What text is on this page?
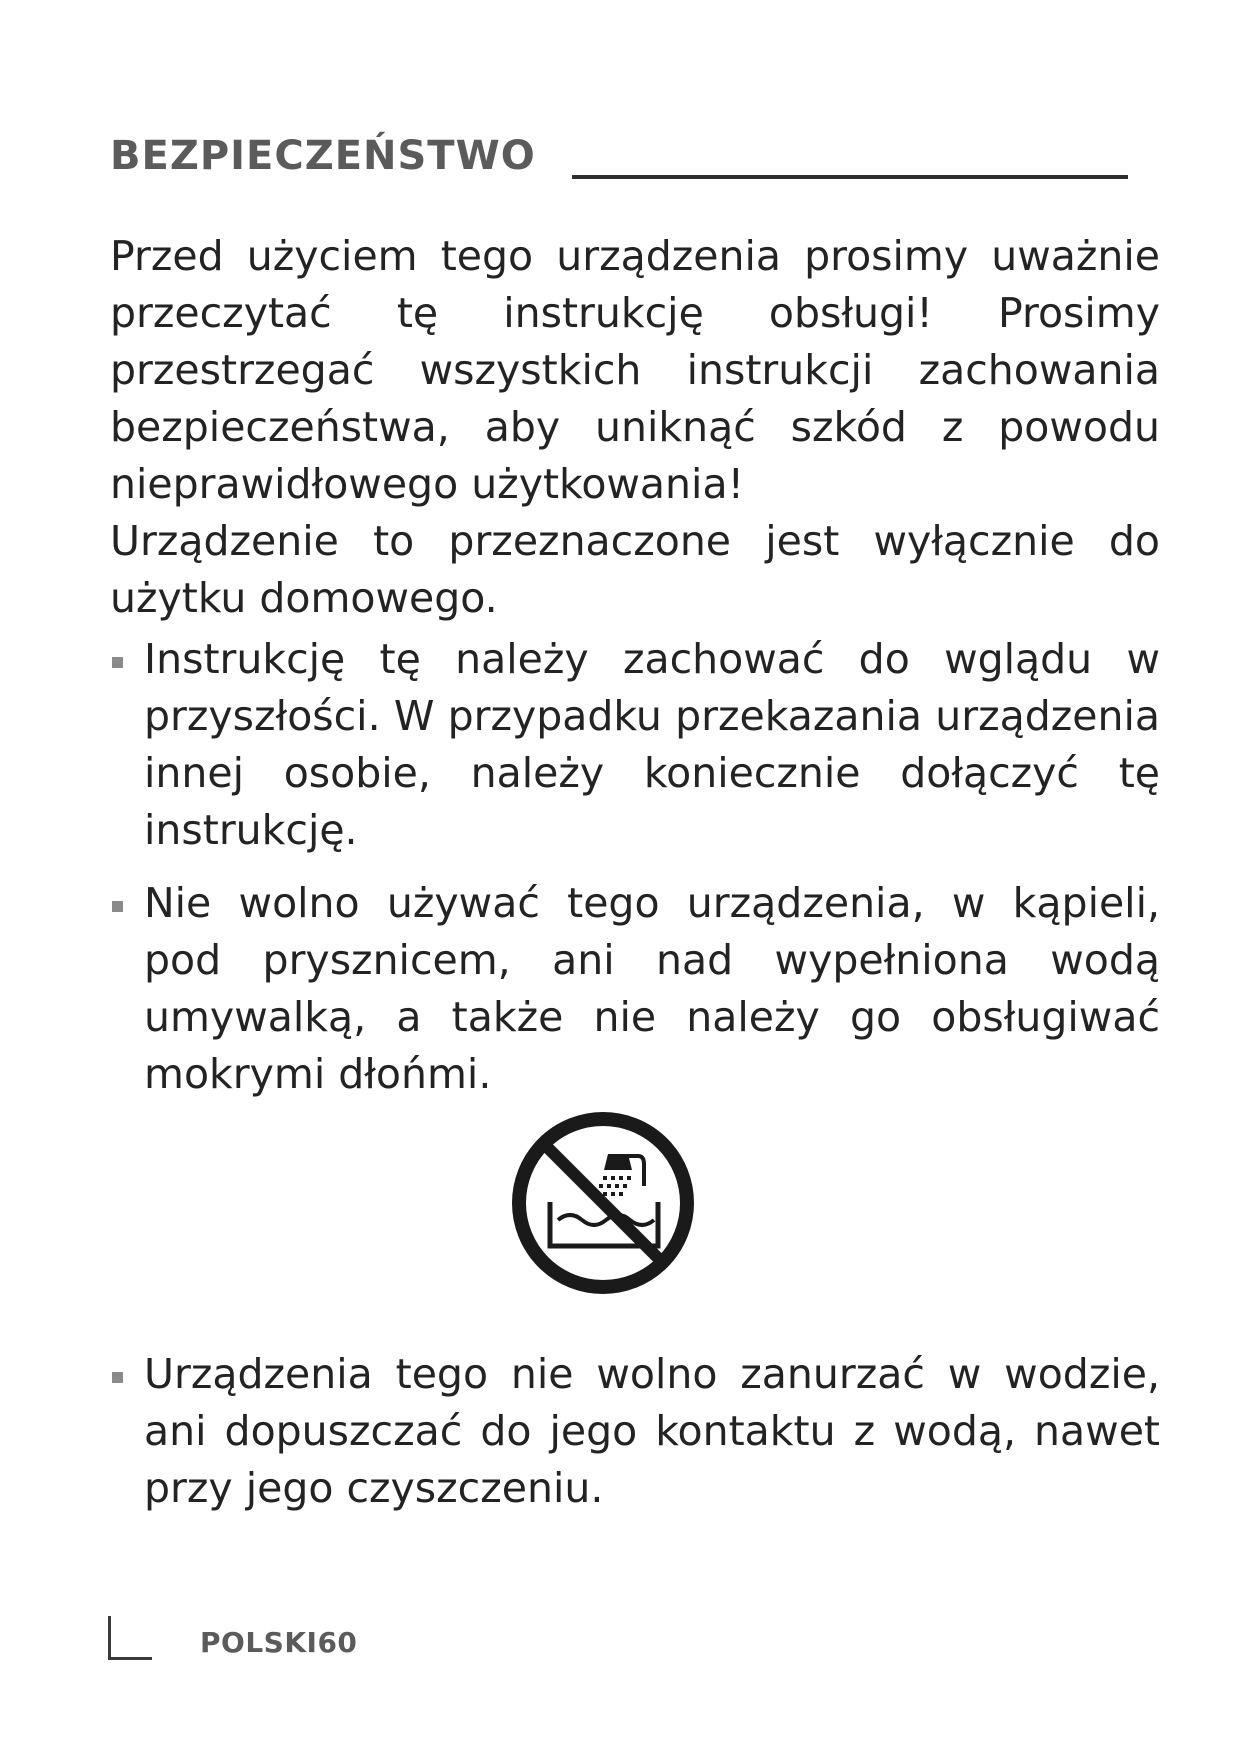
BEZPIECZEŃSTWO

Przed użyciem tego urządzenia prosimy uważnie przeczytać tę instrukcję obsługi! Prosimy przestrzegać wszystkich instrukcji zachowania bezpieczeństwa, aby uniknąć szkód z powodu nieprawidłowego użytkowania!

Urządzenie to przeznaczone jest wyłącznie do użytku domowego.

Instrukcję tę należy zachować do wglądu w przyszłości. W przypadku przekazania urządzenia innej osobie, należy koniecznie dołączyć tę instrukcję.
Nie wolno używać tego urządzenia, w kąpieli, pod prysznicem, ani nad wypełniona wodą umywalką, a także nie należy go obsługiwać mokrymi dłońmi.
Urządzenia tego nie wolno zanurzać w wodzie, ani dopuszczać do jego kontaktu z wodą, nawet przy jego czyszczeniu.
POLSKI60
